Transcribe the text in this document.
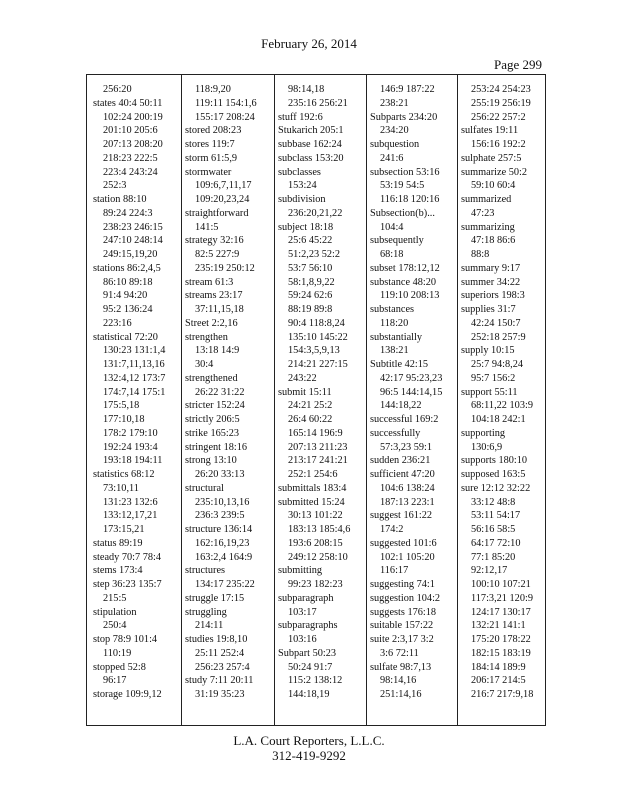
February 26, 2014
Page 299
256:20
states 40:4 50:11
102:24 200:19
201:10 205:6
207:13 208:20
218:23 222:5
223:4 243:24
252:3
station 88:10
89:24 224:3
238:23 246:15
247:10 248:14
249:15,19,20
stations 86:2,4,5
86:10 89:18
91:4 94:20
95:2 136:24
223:16
statistical 72:20
130:23 131:1,4
131:7,11,13,16
132:4,12 173:7
174:7,14 175:1
175:5,18
177:10,18
178:2 179:10
192:24 193:4
193:18 194:11
statistics 68:12
73:10,11
131:23 132:6
133:12,17,21
173:15,21
status 89:19
steady 70:7 78:4
stems 173:4
step 36:23 135:7
215:5
stipulation
250:4
stop 78:9 101:4
110:19
stopped 52:8
96:17
storage 109:9,12
118:9,20
119:11 154:1,6
155:17 208:24
stored 208:23
stores 119:7
storm 61:5,9
stormwater
109:6,7,11,17
109:20,23,24
straightforward
141:5
strategy 32:16
82:5 227:9
235:19 250:12
stream 61:3
streams 23:17
37:11,15,18
Street 2:2,16
strengthen
13:18 14:9
30:4
strengthened
26:22 31:22
stricter 152:24
strictly 206:5
strike 165:23
stringent 18:16
strong 13:10
26:20 33:13
structural
235:10,13,16
236:3 239:5
structure 136:14
162:16,19,23
163:2,4 164:9
structures
134:17 235:22
struggle 17:15
struggling
214:11
studies 19:8,10
25:11 252:4
256:23 257:4
study 7:11 20:11
31:19 35:23
98:14,18
235:16 256:21
stuff 192:6
Stukarich 205:1
subbase 162:24
subclass 153:20
subclasses
153:24
subdivision
236:20,21,22
subject 18:18
25:6 45:22
51:2,23 52:2
53:7 56:10
58:1,8,9,22
59:24 62:6
88:19 89:8
90:4 118:8,24
135:10 145:22
154:3,5,9,13
214:21 227:15
243:22
submit 15:11
24:21 25:2
26:4 60:22
165:14 196:9
207:13 211:23
213:17 241:21
252:1 254:6
submittals 183:4
submitted 15:24
30:13 101:22
183:13 185:4,6
193:6 208:15
249:12 258:10
submitting
99:23 182:23
subparagraph
103:17
subparagraphs
103:16
Subpart 50:23
50:24 91:7
115:2 138:12
144:18,19
146:9 187:22
238:21
Subparts 234:20
234:20
subquestion
241:6
subsection 53:16
53:19 54:5
116:18 120:16
Subsection(b)...
104:4
subsequently
68:18
subset 178:12,12
substance 48:20
119:10 208:13
substances
118:20
substantially
138:21
Subtitle 42:15
42:17 95:23,23
96:5 144:14,15
144:18,22
successful 169:2
successfully
57:3,23 59:1
sudden 236:21
sufficient 47:20
104:6 138:24
187:13 223:1
suggest 161:22
174:2
suggested 101:6
102:1 105:20
116:17
suggesting 74:1
suggestion 104:2
suggests 176:18
suitable 157:22
suite 2:3,17 3:2
3:6 72:11
sulfate 98:7,13
98:14,16
251:14,16
253:24 254:23
255:19 256:19
256:22 257:2
sulfates 19:11
156:16 192:2
sulphate 257:5
summarize 50:2
59:10 60:4
summarized
47:23
summarizing
47:18 86:6
88:8
summary 9:17
summer 34:22
superiors 198:3
supplies 31:7
42:24 150:7
252:18 257:9
supply 10:15
25:7 94:8,24
95:7 156:2
support 55:11
68:11,22 103:9
104:18 242:1
supporting
130:6,9
supports 180:10
supposed 163:5
sure 12:12 32:22
33:12 48:8
53:11 54:17
56:16 58:5
64:17 72:10
77:1 85:20
92:12,17
100:10 107:21
117:3,21 120:9
124:17 130:17
132:21 141:1
175:20 178:22
182:15 183:19
184:14 189:9
206:17 214:5
216:7 217:9,18
L.A. Court Reporters, L.L.C.
312-419-9292
